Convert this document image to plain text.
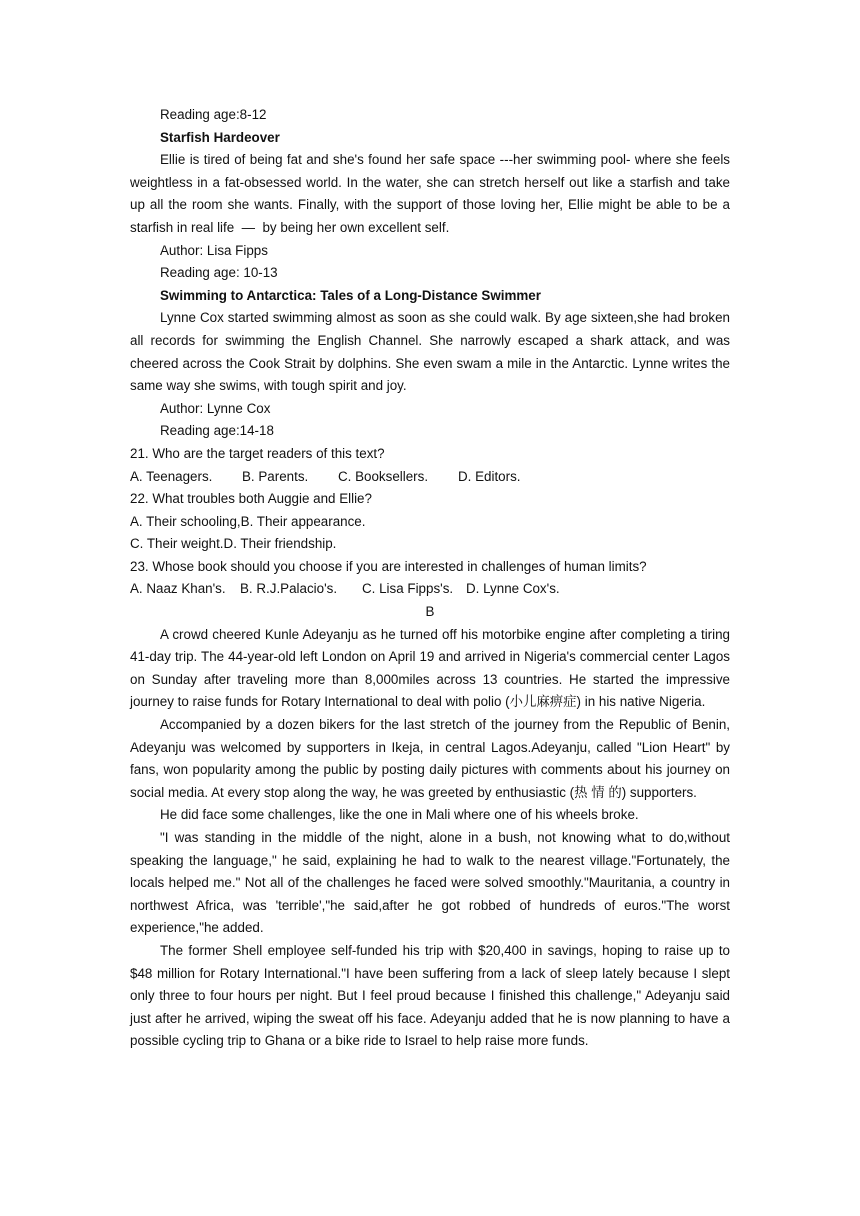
Reading age:8-12

Starfish Hardeover

Ellie is tired of being fat and she's found her safe space ---her swimming pool- where she feels weightless in a fat-obsessed world. In the water, she can stretch herself out like a starfish and take up all the room she wants. Finally, with the support of those loving her, Ellie might be able to be a starfish in real life  —  by being her own excellent self.

Author: Lisa Fipps

Reading age: 10-13

Swimming to Antarctica: Tales of a Long-Distance Swimmer

Lynne Cox started swimming almost as soon as she could walk. By age sixteen,she had broken all records for swimming the English Channel. She narrowly escaped a shark attack, and was cheered across the Cook Strait by dolphins. She even swam a mile in the Antarctic. Lynne writes the same way she swims, with tough spirit and joy.

Author: Lynne Cox

Reading age:14-18

21. Who are the target readers of this text?

A. Teenagers. B. Parents. C. Booksellers. D. Editors.

22. What troubles both Auggie and Ellie?

A. Their schooling,B. Their appearance.

C. Their weight.D. Their friendship.

23. Whose book should you choose if you are interested in challenges of human limits?

A. Naaz Khan's. B. R.J.Palacio's. C. Lisa Fipps's. D. Lynne Cox's.

B

A crowd cheered Kunle Adeyanju as he turned off his motorbike engine after completing a tiring 41-day trip. The 44-year-old left London on April 19 and arrived in Nigeria's commercial center Lagos on Sunday after traveling more than 8,000miles across 13 countries. He started the impressive journey to raise funds for Rotary International to deal with polio (小儿麻痹症) in his native Nigeria.

Accompanied by a dozen bikers for the last stretch of the journey from the Republic of Benin, Adeyanju was welcomed by supporters in Ikeja, in central Lagos.Adeyanju, called "Lion Heart" by fans, won popularity among the public by posting daily pictures with comments about his journey on social media. At every stop along the way, he was greeted by enthusiastic (热 情 的) supporters.

He did face some challenges, like the one in Mali where one of his wheels broke.

"I was standing in the middle of the night, alone in a bush, not knowing what to do,without speaking the language," he said, explaining he had to walk to the nearest village."Fortunately, the locals helped me." Not all of the challenges he faced were solved smoothly."Mauritania, a country in northwest Africa, was 'terrible',"he said,after he got robbed of hundreds of euros."The worst experience,"he added.

The former Shell employee self-funded his trip with $20,400 in savings, hoping to raise up to $48 million for Rotary International."I have been suffering from a lack of sleep lately because I slept only three to four hours per night. But I feel proud because I finished this challenge," Adeyanju said just after he arrived, wiping the sweat off his face. Adeyanju added that he is now planning to have a possible cycling trip to Ghana or a bike ride to Israel to help raise more funds.
